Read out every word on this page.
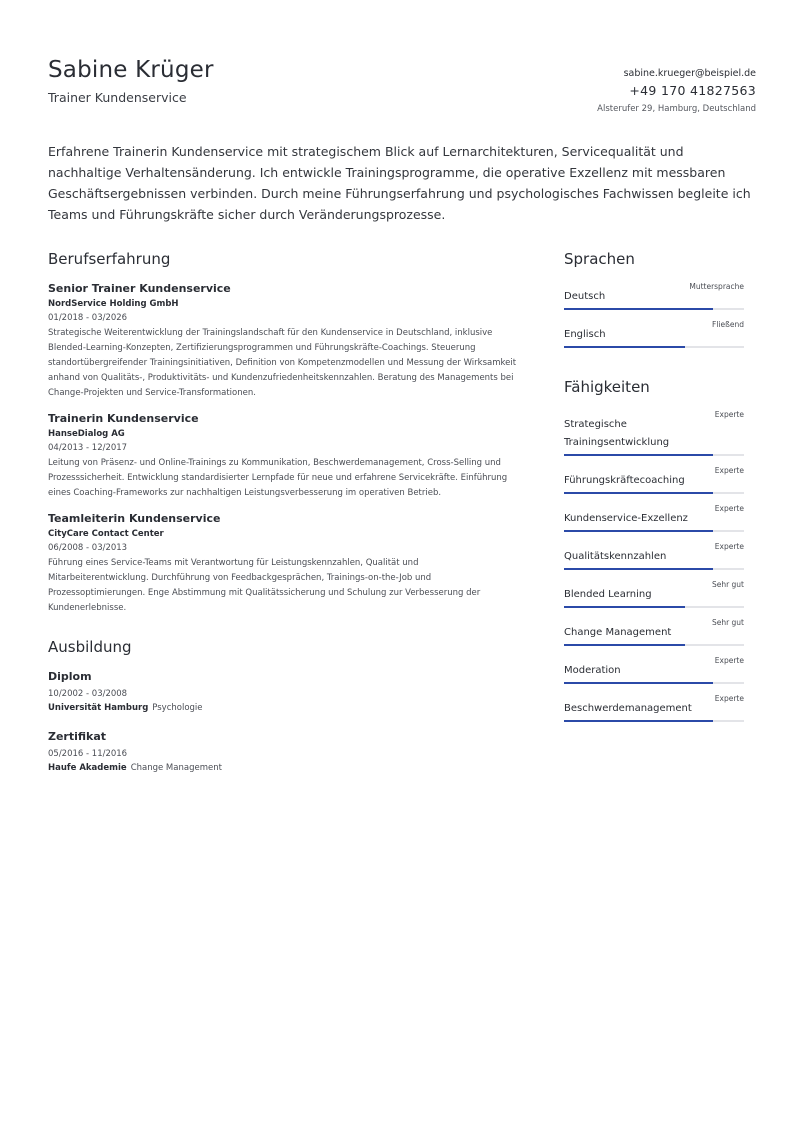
Sabine Krüger
Trainer Kundenservice
sabine.krueger@beispiel.de
+49 170 41827563
Alsterufer 29, Hamburg, Deutschland

Erfahrene Trainerin Kundenservice mit strategischem Blick auf Lernarchitekturen, Servicequalität und nachhaltige Verhaltensänderung. Ich entwickle Trainingsprogramme, die operative Exzellenz mit messbaren Geschäftsergebnissen verbinden. Durch meine Führungserfahrung und psychologisches Fachwissen begleite ich Teams und Führungskräfte sicher durch Veränderungsprozesse.

Berufserfahrung
Senior Trainer Kundenservice
NordService Holding GmbH
01/2018 - 03/2026
Strategische Weiterentwicklung der Trainingslandschaft für den Kundenservice in Deutschland, inklusive Blended-Learning-Konzepten, Zertifizierungsprogrammen und Führungskräfte-Coachings. Steuerung standortübergreifender Trainingsinitiativen, Definition von Kompetenzmodellen und Messung der Wirksamkeit anhand von Qualitäts-, Produktivitäts- und Kundenzufriedenheitskennzahlen. Beratung des Managements bei Change-Projekten und Service-Transformationen.
Trainerin Kundenservice
HanseDialog AG
04/2013 - 12/2017
Leitung von Präsenz- und Online-Trainings zu Kommunikation, Beschwerdemanagement, Cross-Selling und Prozesssicherheit. Entwicklung standardisierter Lernpfade für neue und erfahrene Servicekräfte. Einführung eines Coaching-Frameworks zur nachhaltigen Leistungsverbesserung im operativen Betrieb.
Teamleiterin Kundenservice
CityCare Contact Center
06/2008 - 03/2013
Führung eines Service-Teams mit Verantwortung für Leistungskennzahlen, Qualität und Mitarbeiterentwicklung. Durchführung von Feedbackgesprächen, Trainings-on-the-Job und Prozessoptimierungen. Enge Abstimmung mit Qualitätssicherung und Schulung zur Verbesserung der Kundenerlebnisse.
Ausbildung
Diplom
10/2002 - 03/2008
Universität Hamburg Psychologie
Zertifikat
05/2016 - 11/2016
Haufe Akademie Change Management
Sprachen
Deutsch
Muttersprache
Englisch
Fließend
Fähigkeiten
Strategische Trainingsentwicklung
Experte
Führungskräftecoaching
Experte
Kundenservice-Exzellenz
Experte
Qualitätskennzahlen
Experte
Blended Learning
Sehr gut
Change Management
Sehr gut
Moderation
Experte
Beschwerdemanagement
Experte
